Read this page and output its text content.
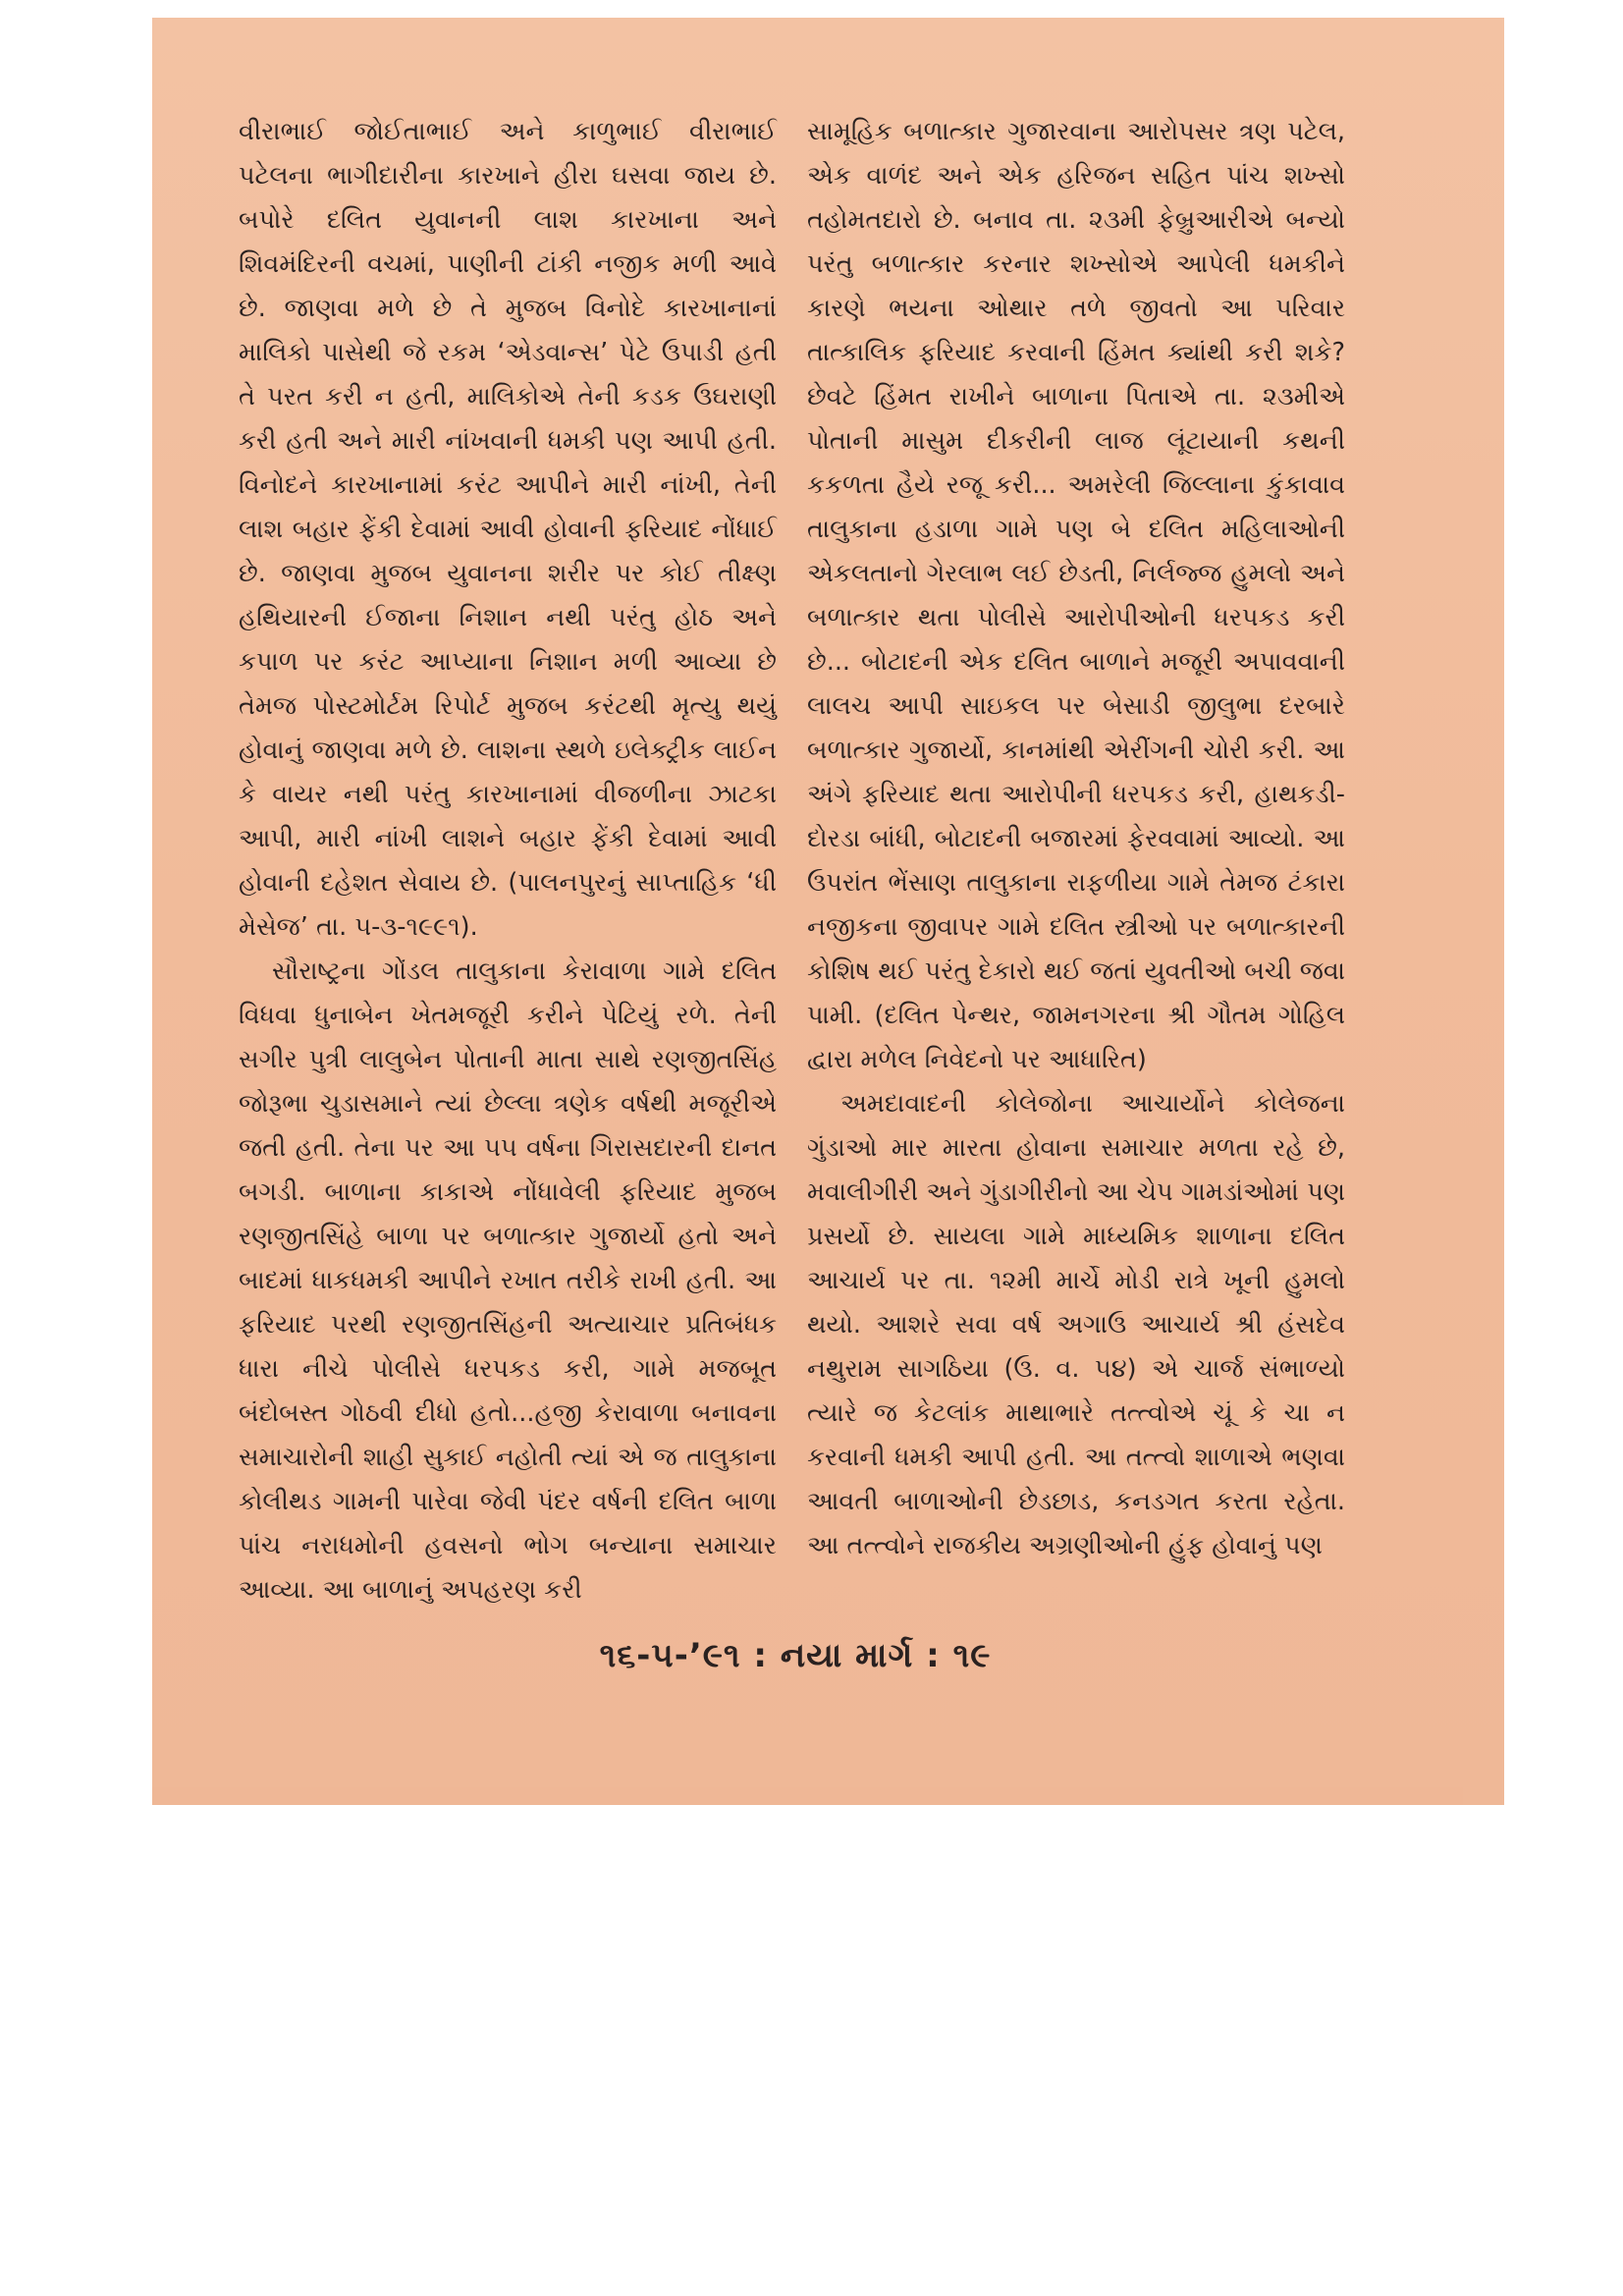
વીરાભાઈ જોઈતાભાઈ અને કાળુભાઈ વીરાભાઈ પટેલના ભાગીદારીના કારખાને હીરા ઘસવા જાય છે. બપોરે દલિત યુવાનની લાશ કારખાના અને શિવમંદિરની વચમાં, પાણીની ટાંકી નજીક મળી આવે છે. જાણવા મળે છે તે મુજબ વિનોદે કારખાનાનાં માલિકો પાસેથી જે રકમ ‘એડવાન્સ’ પેટે ઉપાડી હતી તે પરત કરી ન હતી, માલિકોએ તેની કડક ઉઘરાણી કરી હતી અને મારી નાંખવાની ધમકી પણ આપી હતી. વિનોદને કારખાનામાં કરંટ આપીને મારી નાંખી, તેની લાશ બહાર ફેંકી દેવામાં આવી હોવાની ફરિયાદ નોંધાઈ છે. જાણવા મુજબ યુવાનના શરીર પર કોઈ તીક્ષ્ણ હથિયારની ઈજાના નિશાન નથી પરંતુ હોઠ અને કપાળ પર કરંટ આપ્યાના નિશાન મળી આવ્યા છે તેમજ પોસ્ટમોર્ટમ રિપોર્ટ મુજબ કરંટથી મૃત્યુ થયું હોવાનું જાણવા મળે છે. લાશના સ્થળે ઇલેક્ટ્રીક લાઈન કે વાયર નથી પરંતુ કારખાનામાં વીજળીના ઝાટકા આપી, મારી નાંખી લાશને બહાર ફેંકી દેવામાં આવી હોવાની દહેશત સેવાય છે. (પાલનપુરનું સાપ્તાહિક ‘ધી મેસેજ’ તા. ૫-૩-૧૯૯૧).

સૌરાષ્ટ્રના ગોંડલ તાલુકાના કેરાવાળા ગામે દલિત વિધવા ધુનાબેન ખેતમજૂરી કરીને પેટિયું રળે. તેની સગીર પુત્રી લાલુબેન પોતાની માતા સાથે રણજીતસિંહ જોરૂભા ચુડાસમાને ત્યાં છેલ્લા ત્રણેક વર્ષથી મજૂરીએ જતી હતી. તેના પર આ ૫૫ વર્ષના ગિરાસદારની દાનત બગડી. બાળાના કાકાએ નોંધાવેલી ફરિયાદ મુજબ રણજીતસિંહે બાળા પર બળાત્કાર ગુજાર્યો હતો અને બાદમાં ધાકધમકી આપીને રખાત તરીકે રાખી હતી. આ ફરિયાદ પરથી રણજીતસિંહની અત્યાચાર પ્રતિબંધક ધારા નીચે પોલીસે ધરપકડ કરી, ગામે મજબૂત બંદોબસ્ત ગોઠવી દીધો હતો...હજી કેરાવાળા બનાવના સમાચારોની શાહી સુકાઈ નહોતી ત્યાં એ જ તાલુકાના કોલીથડ ગામની પારેવા જેવી પંદર વર્ષની દલિત બાળા પાંચ નરાધમોની હવસનો ભોગ બન્યાના સમાચાર આવ્યા. આ બાળાનું અપહરણ કરી

સામૂહિક બળાત્કાર ગુજારવાના આરોપસર ત્રણ પટેલ, એક વાળંદ અને એક હરિજન સહિત પાંચ શખ્સો તહોમતદારો છે. બનાવ તા. ૨૩મી ફેબ્રુઆરીએ બન્યો પરંતુ બળાત્કાર કરનાર શખ્સોએ આપેલી ધમકીને કારણે ભયના ઓથાર તળે જીવતો આ પરિવાર તાત્કાલિક ફરિયાદ કરવાની હિંમત ક્યાંથી કરી શકે? છેવટે હિંમત રાખીને બાળાના પિતાએ તા. ૨૩મીએ પોતાની માસુમ દીકરીની લાજ લૂંટાયાની કથની કકળતા હૈયે રજૂ કરી... અમરેલી જિલ્લાના કુંકાવાવ તાલુકાના હડાળા ગામે પણ બે દલિત મહિલાઓની એકલતાનો ગેરલાભ લઈ છેડતી, નિર્લજ્જ હુમલો અને બળાત્કાર થતા પોલીસે આરોપીઓની ધરપકડ કરી છે... બોટાદની એક દલિત બાળાને મજૂરી અપાવવાની લાલચ આપી સાઇકલ પર બેસાડી જીલુભા દરબારે બળાત્કાર ગુજાર્યો, કાનમાંથી એરીંગની ચોરી કરી. આ અંગે ફરિયાદ થતા આરોપીની ધરપકડ કરી, હાથકડી-દોરડા બાંધી, બોટાદની બજારમાં ફેરવવામાં આવ્યો. આ ઉપરાંત ભેંસાણ તાલુકાના રાફળીયા ગામે તેમજ ટંકારા નજીકના જીવાપર ગામે દલિત સ્ત્રીઓ પર બળાત્કારની કોશિષ થઈ પરંતુ દેકારો થઈ જતાં યુવતીઓ બચી જવા પામી. (દલિત પેન્થર, જામનગરના શ્રી ગૌતમ ગોહિલ દ્વારા મળેલ નિવેદનો પર આધારિત)

અમદાવાદની કોલેજોના આચાર્યોને કોલેજના ગુંડાઓ માર મારતા હોવાના સમાચાર મળતા રહે છે, મવાલીગીરી અને ગુંડાગીરીનો આ ચેપ ગામડાંઓમાં પણ પ્રસર્યો છે. સાયલા ગામે માધ્યમિક શાળાના દલિત આચાર્ય પર તા. ૧૨મી માર્ચે મોડી રાત્રે ખૂની હુમલો થયો. આશરે સવા વર્ષ અગાઉ આચાર્ય શ્રી હંસદેવ નથુરામ સાગઠિયા (ઉ. વ. ૫૪) એ ચાર્જ સંભાળ્યો ત્યારે જ કેટલાંક માથાભારે તત્ત્વોએ ચૂં કે ચા ન કરવાની ધમકી આપી હતી. આ તત્ત્વો શાળાએ ભણવા આવતી બાળાઓની છેડછાડ, કનડગત કરતા રહેતા. આ તત્ત્વોને રાજકીય અગ્રણીઓની હુંફ હોવાનું પણ

૧૬-૫-’૯૧ : નયા માર્ગ : ૧૯
